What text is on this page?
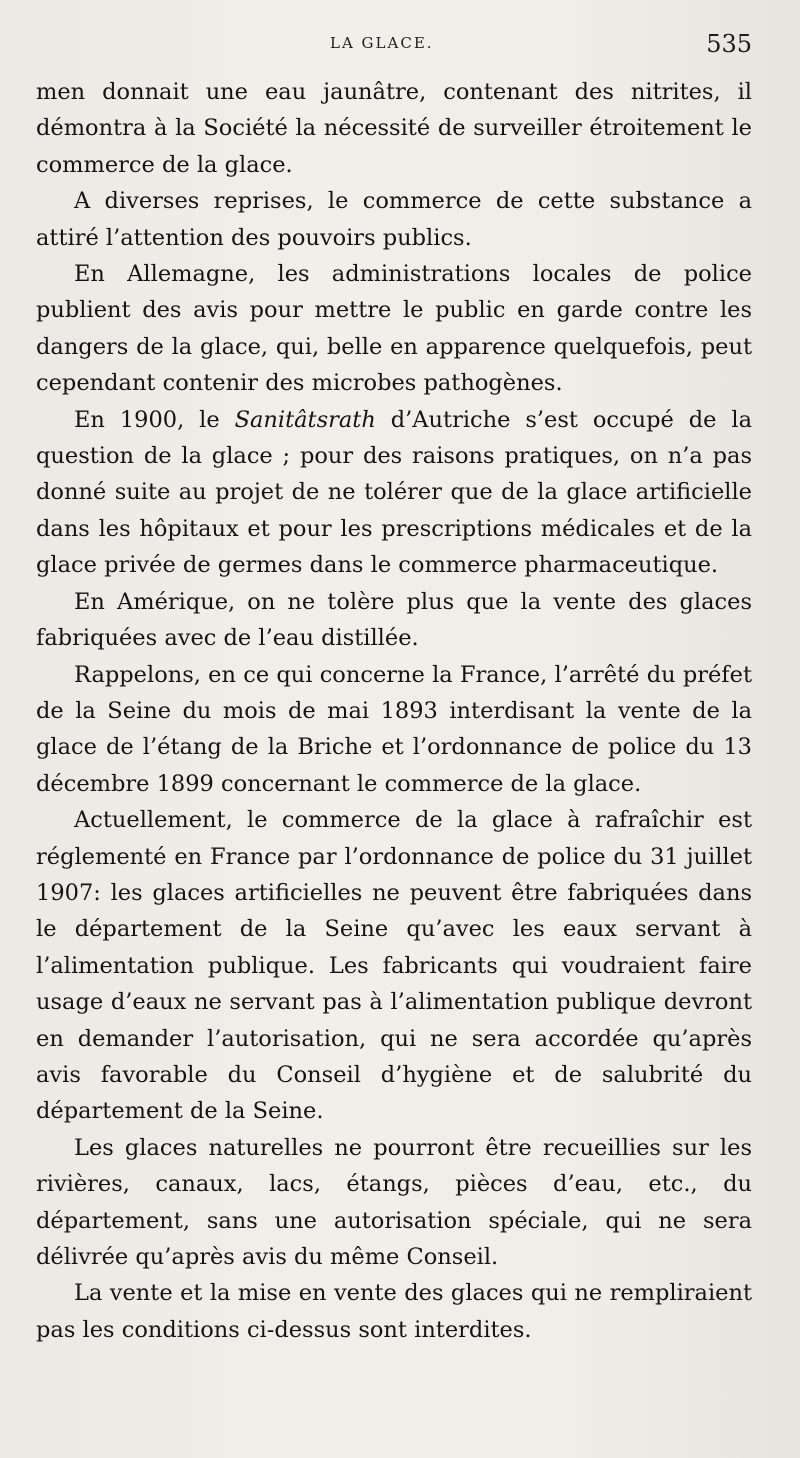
LA GLACE.	535

men donnait une eau jaunâtre, contenant des nitrites, il démontra à la Société la nécessité de surveiller étroitement le commerce de la glace.

A diverses reprises, le commerce de cette substance a attiré l’attention des pouvoirs publics.

En Allemagne, les administrations locales de police publient des avis pour mettre le public en garde contre les dangers de la glace, qui, belle en apparence quelquefois, peut cependant contenir des microbes pathogènes.

En 1900, le Sanitâtsrath d’Autriche s’est occupé de la question de la glace ; pour des raisons pratiques, on n’a pas donné suite au projet de ne tolérer que de la glace artificielle dans les hôpitaux et pour les prescriptions médicales et de la glace privée de germes dans le commerce pharmaceutique.

En Amérique, on ne tolère plus que la vente des glaces fabriquées avec de l’eau distillée.

Rappelons, en ce qui concerne la France, l’arrêté du préfet de la Seine du mois de mai 1893 interdisant la vente de la glace de l’étang de la Briche et l’ordonnance de police du 13 décembre 1899 concernant le commerce de la glace.

Actuellement, le commerce de la glace à rafraîchir est réglementé en France par l’ordonnance de police du 31 juillet 1907: les glaces artificielles ne peuvent être fabriquées dans le département de la Seine qu’avec les eaux servant à l’alimentation publique. Les fabricants qui voudraient faire usage d’eaux ne servant pas à l’alimentation publique devront en demander l’autorisation, qui ne sera accordée qu’après avis favorable du Conseil d’hygiène et de salubrité du département de la Seine.

Les glaces naturelles ne pourront être recueillies sur les rivières, canaux, lacs, étangs, pièces d’eau, etc., du département, sans une autorisation spéciale, qui ne sera délivrée qu’après avis du même Conseil.

La vente et la mise en vente des glaces qui ne rempliraient pas les conditions ci-dessus sont interdites.
